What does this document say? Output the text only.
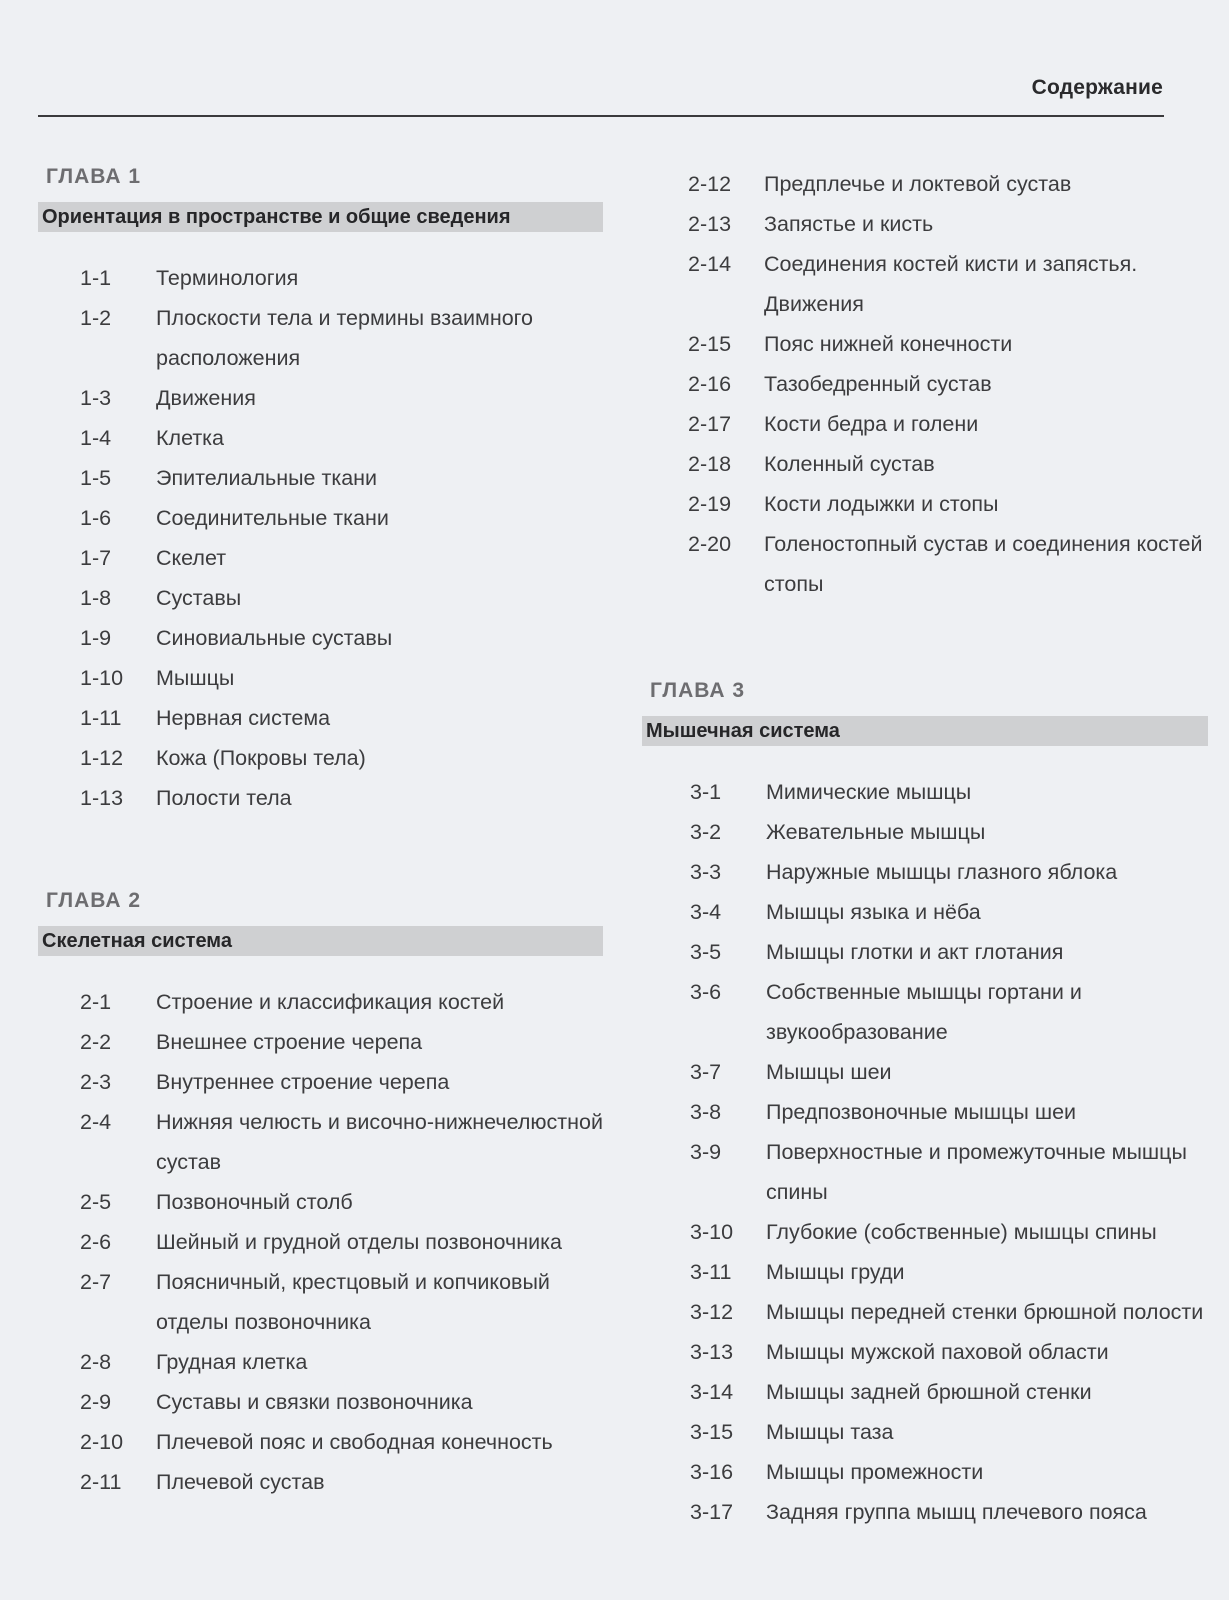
Содержание
ГЛАВА 1
Ориентация в пространстве и общие сведения
1-1	Терминология
1-2	Плоскости тела и термины взаимного расположения
1-3	Движения
1-4	Клетка
1-5	Эпителиальные ткани
1-6	Соединительные ткани
1-7	Скелет
1-8	Суставы
1-9	Синовиальные суставы
1-10	Мышцы
1-11	Нервная система
1-12	Кожа (Покровы тела)
1-13	Полости тела
ГЛАВА 2
Скелетная система
2-1	Строение и классификация костей
2-2	Внешнее строение черепа
2-3	Внутреннее строение черепа
2-4	Нижняя челюсть и височно-нижнечелюстной сустав
2-5	Позвоночный столб
2-6	Шейный и грудной отделы позвоночника
2-7	Поясничный, крестцовый и копчиковый отделы позвоночника
2-8	Грудная клетка
2-9	Суставы и связки позвоночника
2-10	Плечевой пояс и свободная конечность
2-11	Плечевой сустав
2-12	Предплечье и локтевой сустав
2-13	Запястье и кисть
2-14	Соединения костей кисти и запястья. Движения
2-15	Пояс нижней конечности
2-16	Тазобедренный сустав
2-17	Кости бедра и голени
2-18	Коленный сустав
2-19	Кости лодыжки и стопы
2-20	Голеностопный сустав и соединения костей стопы
ГЛАВА 3
Мышечная система
3-1	Мимические мышцы
3-2	Жевательные мышцы
3-3	Наружные мышцы глазного яблока
3-4	Мышцы языка и нёба
3-5	Мышцы глотки и акт глотания
3-6	Собственные мышцы гортани и звукообразование
3-7	Мышцы шеи
3-8	Предпозвоночные мышцы шеи
3-9	Поверхностные и промежуточные мышцы спины
3-10	Глубокие (собственные) мышцы спины
3-11	Мышцы груди
3-12	Мышцы передней стенки брюшной полости
3-13	Мышцы мужской паховой области
3-14	Мышцы задней брюшной стенки
3-15	Мышцы таза
3-16	Мышцы промежности
3-17	Задняя группа мышц плечевого пояса
